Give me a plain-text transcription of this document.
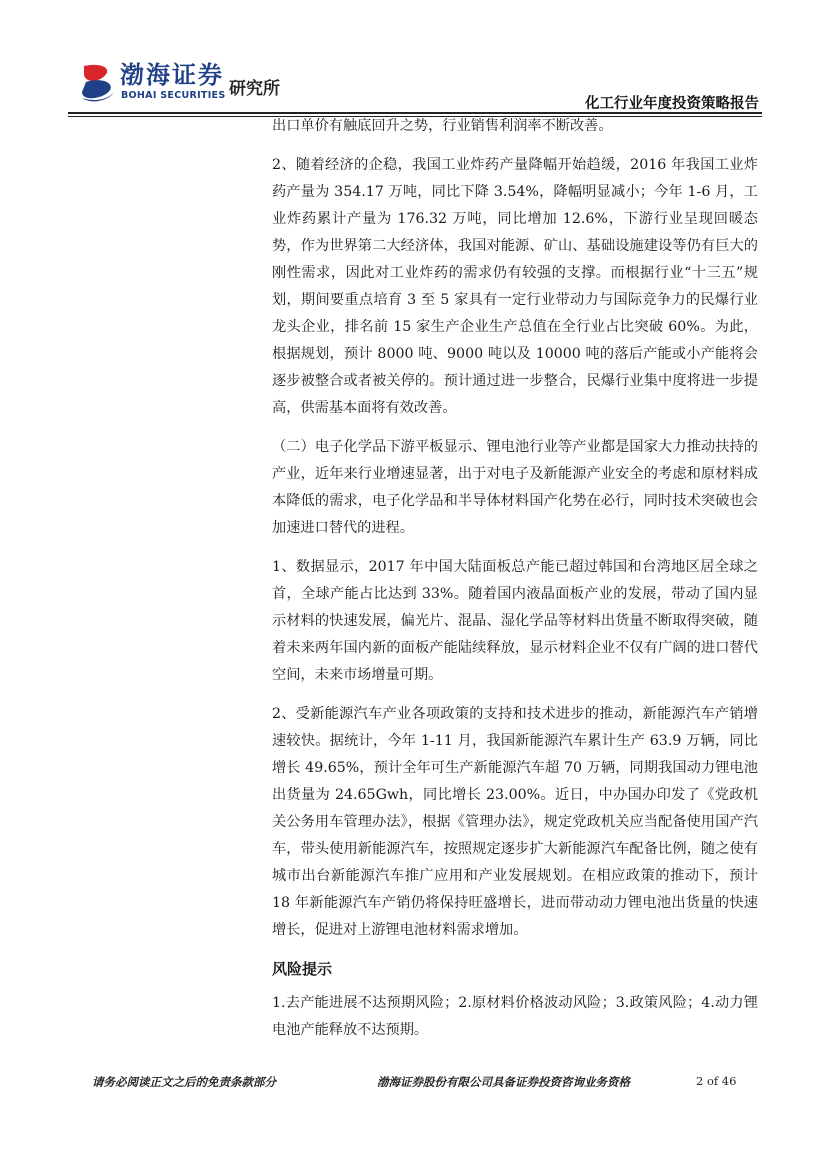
渤海证券
BOHAI SECURITIES 研究所
化工行业年度投资策略报告

出口单价有触底回升之势，行业销售利润率不断改善。

2、随着经济的企稳，我国工业炸药产量降幅开始趋缓，2016 年我国工业炸药产量为 354.17 万吨，同比下降 3.54%，降幅明显减小；今年 1-6 月，工业炸药累计产量为 176.32 万吨，同比增加 12.6%，下游行业呈现回暖态势，作为世界第二大经济体，我国对能源、矿山、基础设施建设等仍有巨大的刚性需求，因此对工业炸药的需求仍有较强的支撑。而根据行业“十三五”规划，期间要重点培育 3 至 5 家具有一定行业带动力与国际竞争力的民爆行业龙头企业，排名前 15 家生产企业生产总值在全行业占比突破 60%。为此，根据规划，预计 8000 吨、9000 吨以及 10000 吨的落后产能或小产能将会逐步被整合或者被关停的。预计通过进一步整合，民爆行业集中度将进一步提高，供需基本面将有效改善。

（二）电子化学品下游平板显示、锂电池行业等产业都是国家大力推动扶持的产业，近年来行业增速显著，出于对电子及新能源产业安全的考虑和原材料成本降低的需求，电子化学品和半导体材料国产化势在必行，同时技术突破也会加速进口替代的进程。

1、数据显示，2017 年中国大陆面板总产能已超过韩国和台湾地区居全球之首，全球产能占比达到 33%。随着国内液晶面板产业的发展，带动了国内显示材料的快速发展，偏光片、混晶、湿化学品等材料出货量不断取得突破，随着未来两年国内新的面板产能陆续释放，显示材料企业不仅有广阔的进口替代空间，未来市场增量可期。

2、受新能源汽车产业各项政策的支持和技术进步的推动，新能源汽车产销增速较快。据统计，今年 1-11 月，我国新能源汽车累计生产 63.9 万辆，同比增长 49.65%，预计全年可生产新能源汽车超 70 万辆，同期我国动力锂电池出货量为 24.65Gwh，同比增长 23.00%。近日，中办国办印发了《党政机关公务用车管理办法》，根据《管理办法》，规定党政机关应当配备使用国产汽车，带头使用新能源汽车，按照规定逐步扩大新能源汽车配备比例，随之使有城市出台新能源汽车推广应用和产业发展规划。在相应政策的推动下，预计 18 年新能源汽车产销仍将保持旺盛增长，进而带动动力锂电池出货量的快速增长，促进对上游锂电池材料需求增加。

风险提示

1.去产能进展不达预期风险；2.原材料价格波动风险；3.政策风险；4.动力锂电池产能释放不达预期。

请务必阅读正文之后的免责条款部分	渤海证券股份有限公司具备证券投资咨询业务资格	2 of 46
